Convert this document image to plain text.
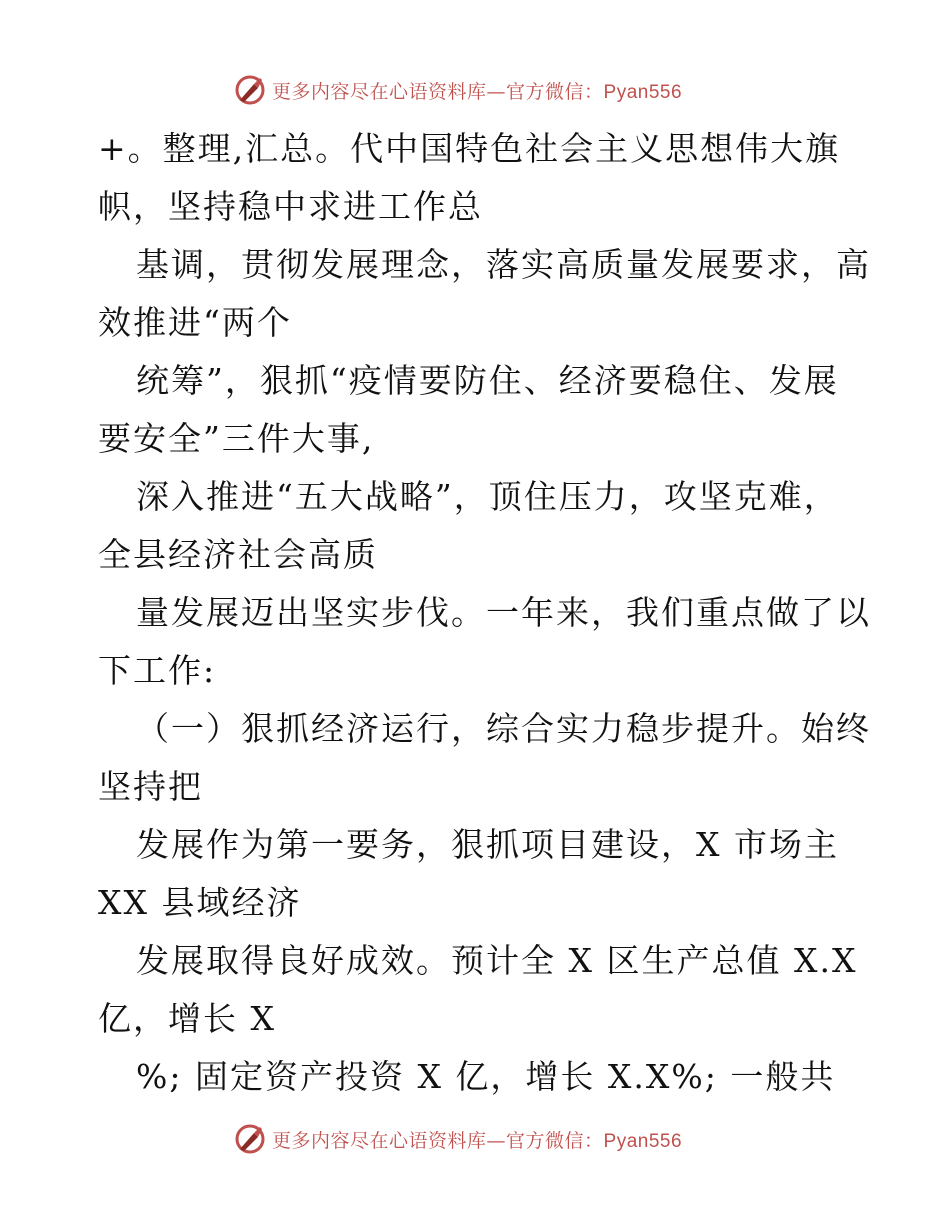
更多内容尽在心语资料库—官方微信：Pyan556
+。整理,汇总。代中国特色社会主义思想伟大旗
帜，坚持稳中求进工作总
基调，贯彻发展理念，落实高质量发展要求，高
效推进“两个
统筹”，狠抓“疫情要防住、经济要稳住、发展
要安全”三件大事,
深入推进“五大战略”，顶住压力，攻坚克难，
全县经济社会高质
量发展迈出坚实步伐。一年来，我们重点做了以
下工作:
（一）狠抓经济运行，综合实力稳步提升。始终
坚持把
发展作为第一要务，狠抓项目建设，X 市场主
XX 县域经济
发展取得良好成效。预计全 X 区生产总值 X.X
亿，增长 X
%; 固定资产投资 X 亿，增长 X.X%; 一般共
更多内容尽在心语资料库—官方微信：Pyan556
